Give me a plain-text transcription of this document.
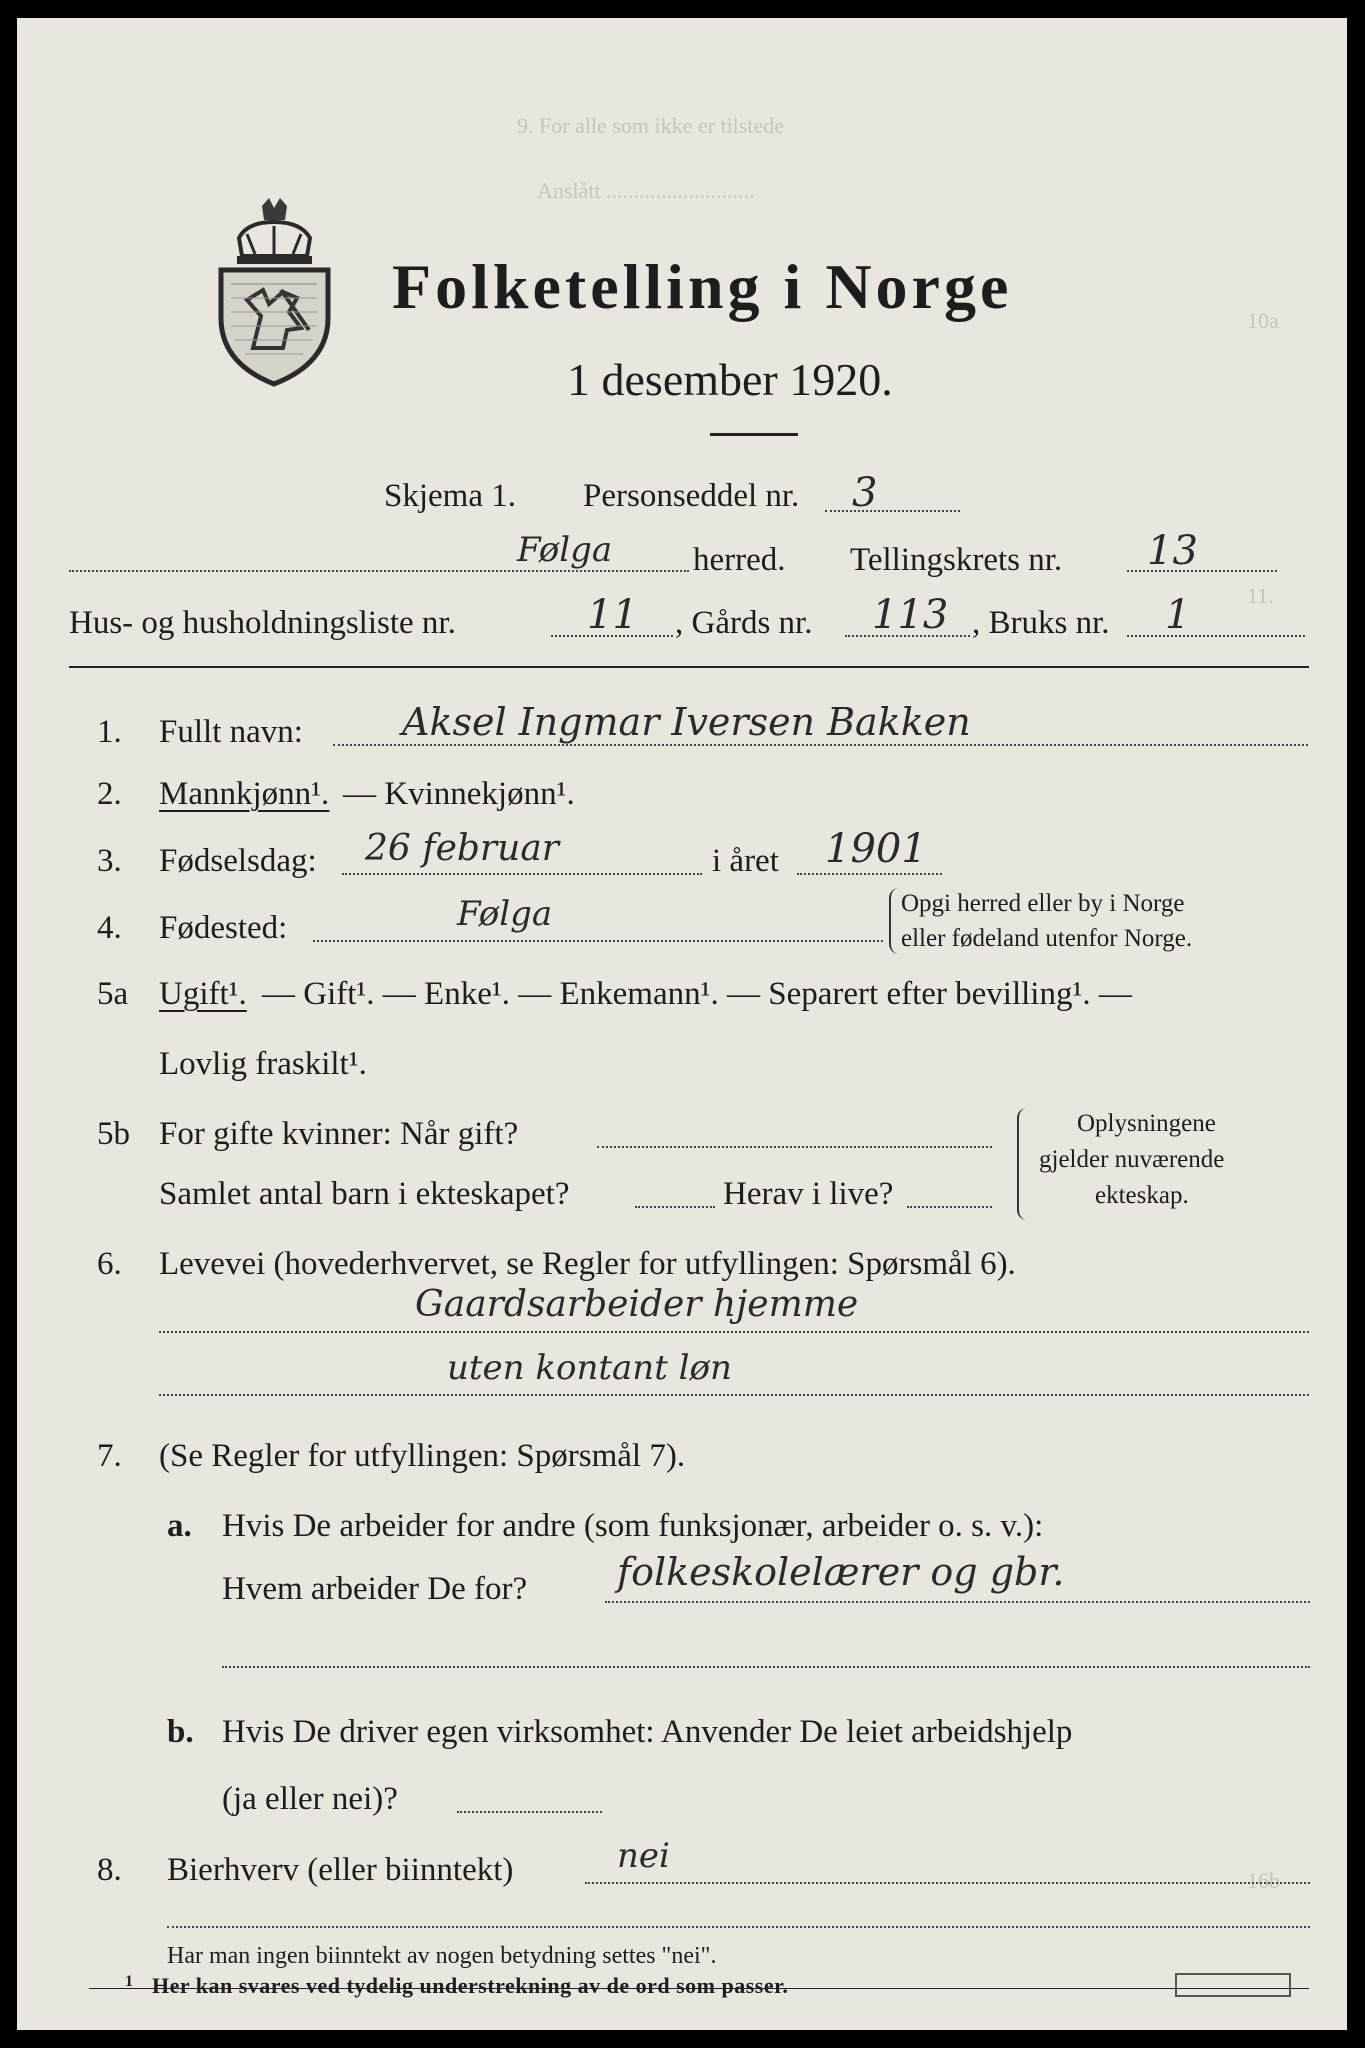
9. For alle som ikke er tilstede
Anslått ...........................
10a
11.
16b
Folketelling i Norge
1 desember 1920.
Skjema 1. Personseddel nr. 3
Følga herred. Tellingskrets nr. 13
Hus- og husholdningsliste nr.	11 , Gårds nr. 113 , Bruks nr. 1
1. Fullt navn:	Aksel Ingmar Iversen Bakken
2. Mannkjønn¹. — Kvinnekjønn¹.
3. Fødselsdag: 26 februar	i året 1901
4. Fødested:	Følga	Opgi herred eller by i Norge
eller fødeland utenfor Norge.
5a Ugift¹. — Gift¹. — Enke¹. — Enkemann¹. — Separert efter bevilling¹. —
Lovlig fraskilt¹.
5b For gifte kvinner: Når gift?
Samlet antal barn i ekteskapet?	Herav i live?
Oplysningene
gjelder nuværende
ekteskap.
6. Levevei (hovederhvervet, se Regler for utfyllingen: Spørsmål 6).
Gaardsarbeider hjemme
uten kontant løn
7. (Se Regler for utfyllingen: Spørsmål 7).
a. Hvis De arbeider for andre (som funksjonær, arbeider o. s. v.):
Hvem arbeider De for? folkeskolelærer og gbr.
b. Hvis De driver egen virksomhet: Anvender De leiet arbeidshjelp
(ja eller nei)?
8. Bierhverv (eller biinntekt)	nei
Har man ingen biinntekt av nogen betydning settes "nei".
1 Her kan svares ved tydelig understrekning av de ord som passer.
